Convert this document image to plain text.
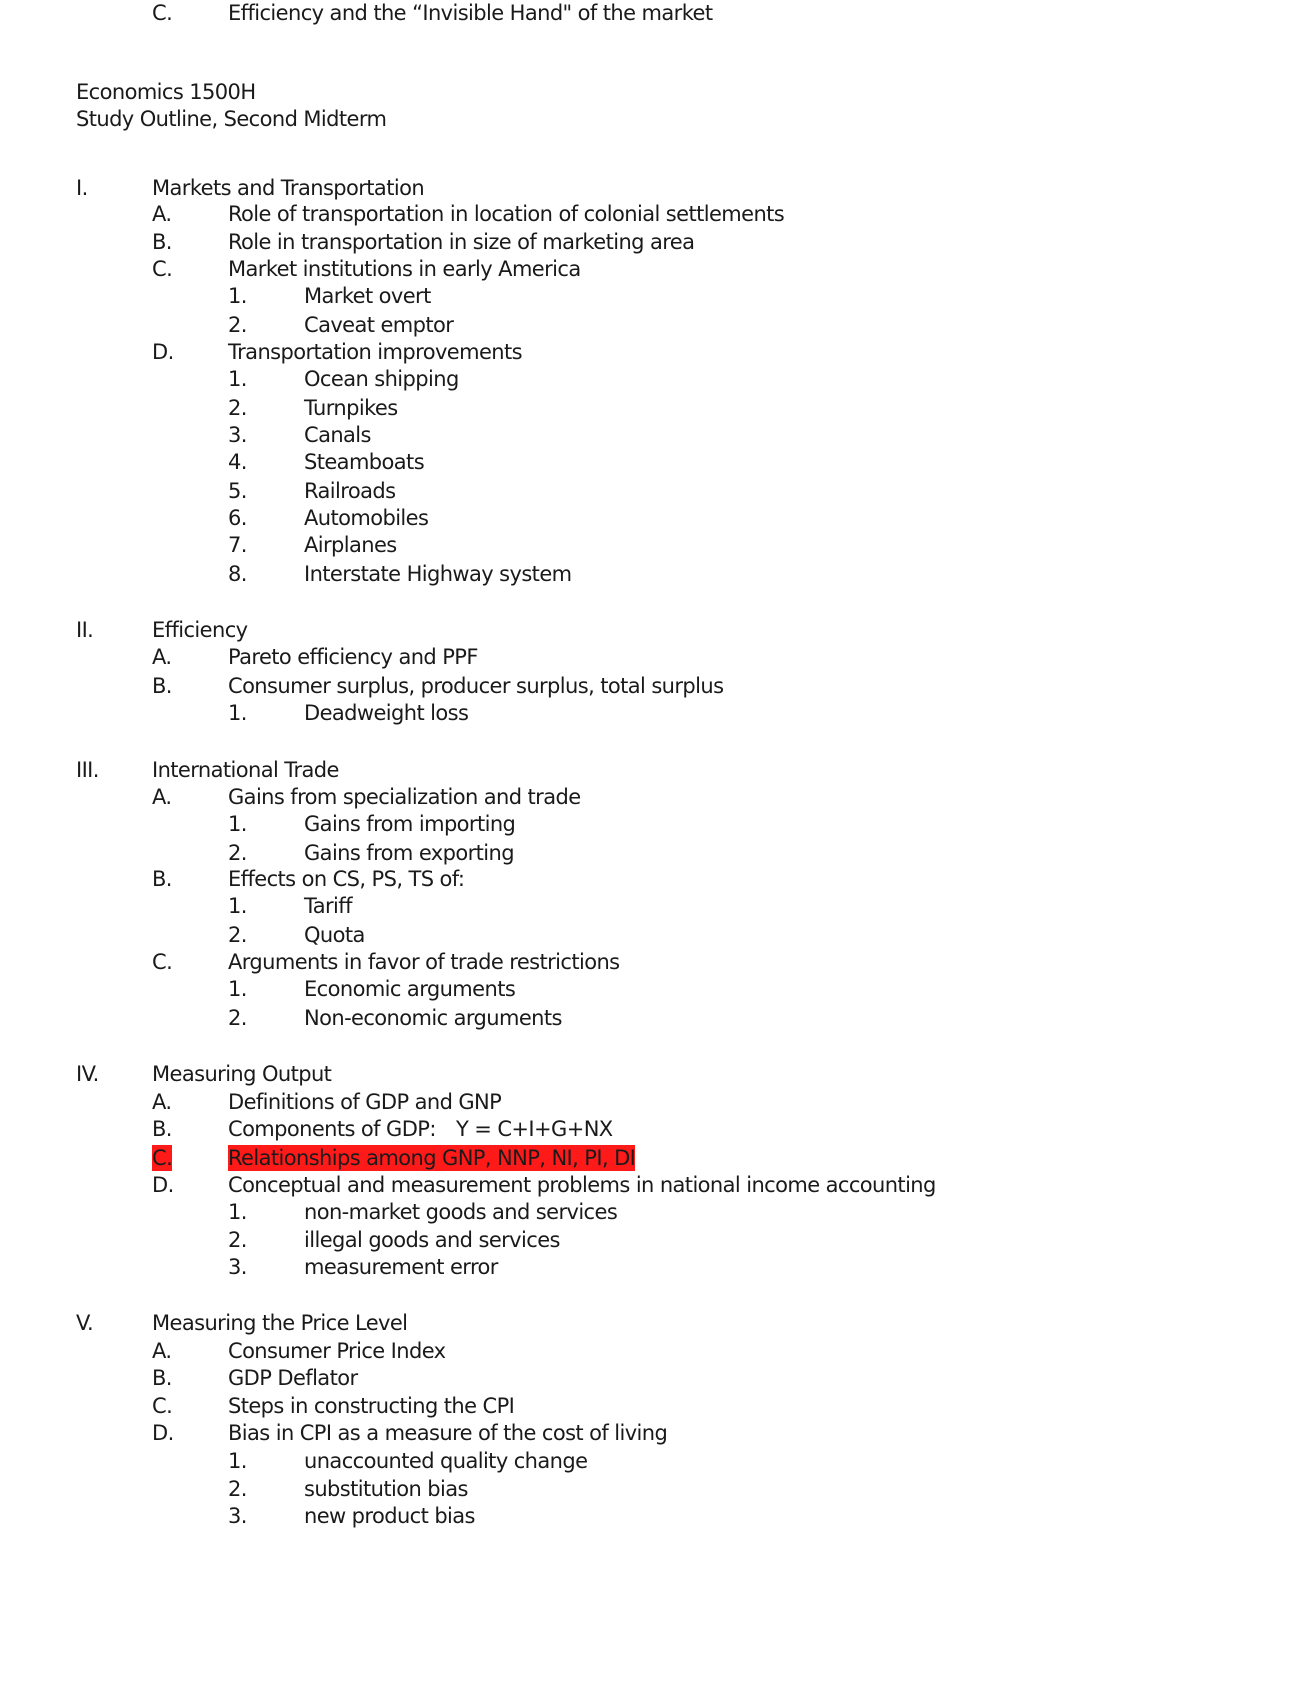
Economics 1500H
Study Outline, Second Midterm
I.	Markets and Transportation
A.	Role of transportation in location of colonial settlements
B.	Role in transportation in size of marketing area
C.	Market institutions in early America
1.	Market overt
2.	Caveat emptor
D.	Transportation improvements
1.	Ocean shipping
2.	Turnpikes
3.	Canals
4.	Steamboats
5.	Railroads
6.	Automobiles
7.	Airplanes
8.	Interstate Highway system
II.	Efficiency
A.	Pareto efficiency and PPF
B.	Consumer surplus, producer surplus, total surplus
1.	Deadweight loss
C.	Efficiency and the “Invisible Hand" of the market
III.	International Trade
A.	Gains from specialization and trade
1.	Gains from importing
2.	Gains from exporting
B.	Effects on CS, PS, TS of:
1.	Tariff
2.	Quota
C.	Arguments in favor of trade restrictions
1.	Economic arguments
2.	Non-economic arguments
IV.	Measuring Output
A.	Definitions of GDP and GNP
B.	Components of GDP: Y = C+I+G+NX
C.	Relationships among GNP, NNP, NI, PI, DI
D.	Conceptual and measurement problems in national income accounting
1.	non-market goods and services
2.	illegal goods and services
3.	measurement error
V.	Measuring the Price Level
A.	Consumer Price Index
B.	GDP Deflator
C.	Steps in constructing the CPI
D.	Bias in CPI as a measure of the cost of living
1.	unaccounted quality change
2.	substitution bias
3.	new product bias
